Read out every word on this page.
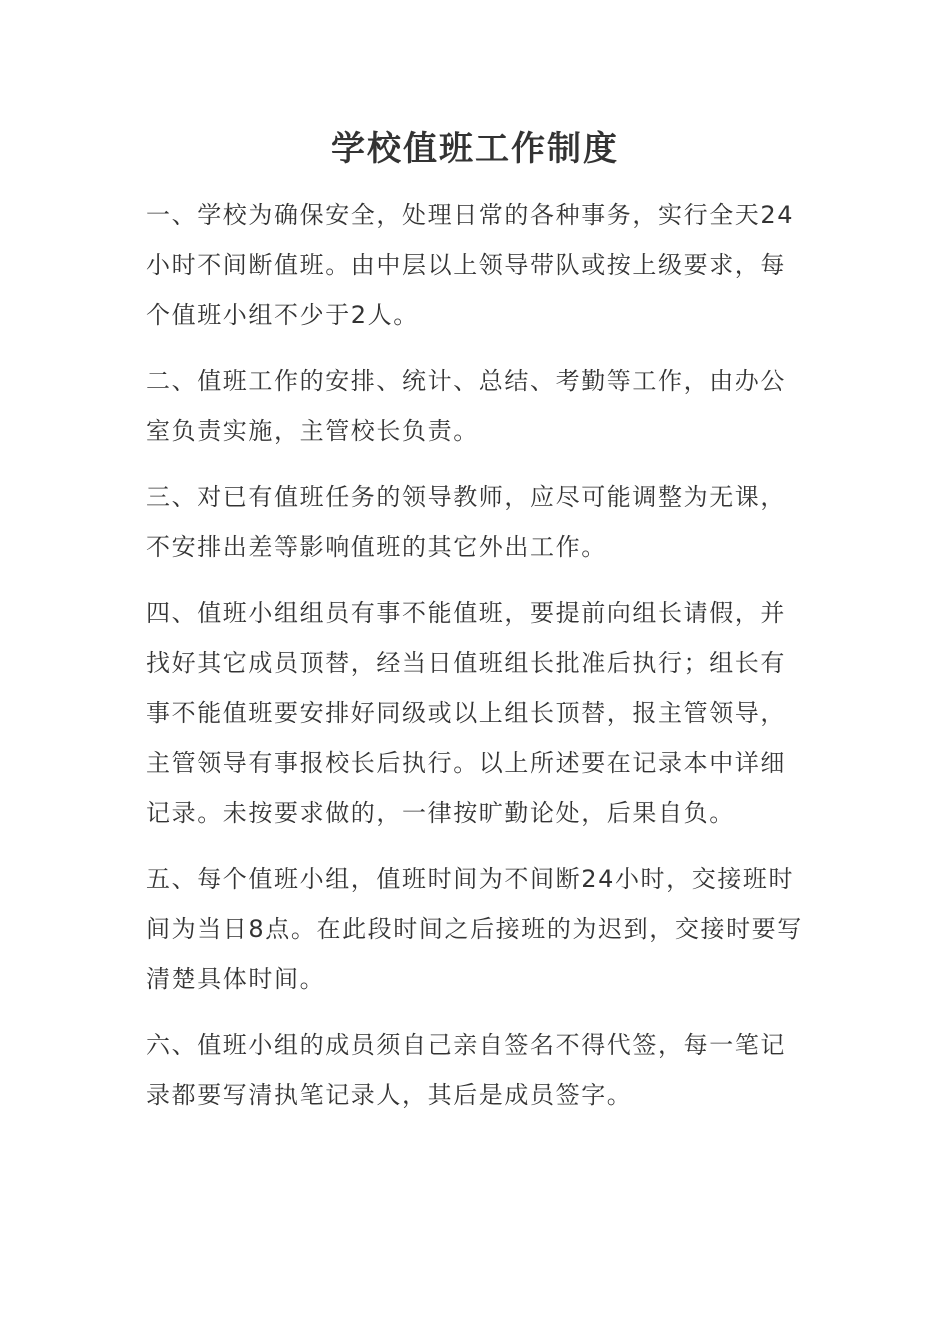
学校值班工作制度

一、学校为确保安全，处理日常的各种事务，实行全天24小时不间断值班。由中层以上领导带队或按上级要求，每个值班小组不少于2人。

二、值班工作的安排、统计、总结、考勤等工作，由办公室负责实施，主管校长负责。

三、对已有值班任务的领导教师，应尽可能调整为无课，不安排出差等影响值班的其它外出工作。

四、值班小组组员有事不能值班，要提前向组长请假，并找好其它成员顶替，经当日值班组长批准后执行；组长有事不能值班要安排好同级或以上组长顶替，报主管领导，主管领导有事报校长后执行。以上所述要在记录本中详细记录。未按要求做的，一律按旷勤论处，后果自负。

五、每个值班小组，值班时间为不间断24小时，交接班时间为当日8点。在此段时间之后接班的为迟到，交接时要写清楚具体时间。

六、值班小组的成员须自己亲自签名不得代签，每一笔记录都要写清执笔记录人，其后是成员签字。
